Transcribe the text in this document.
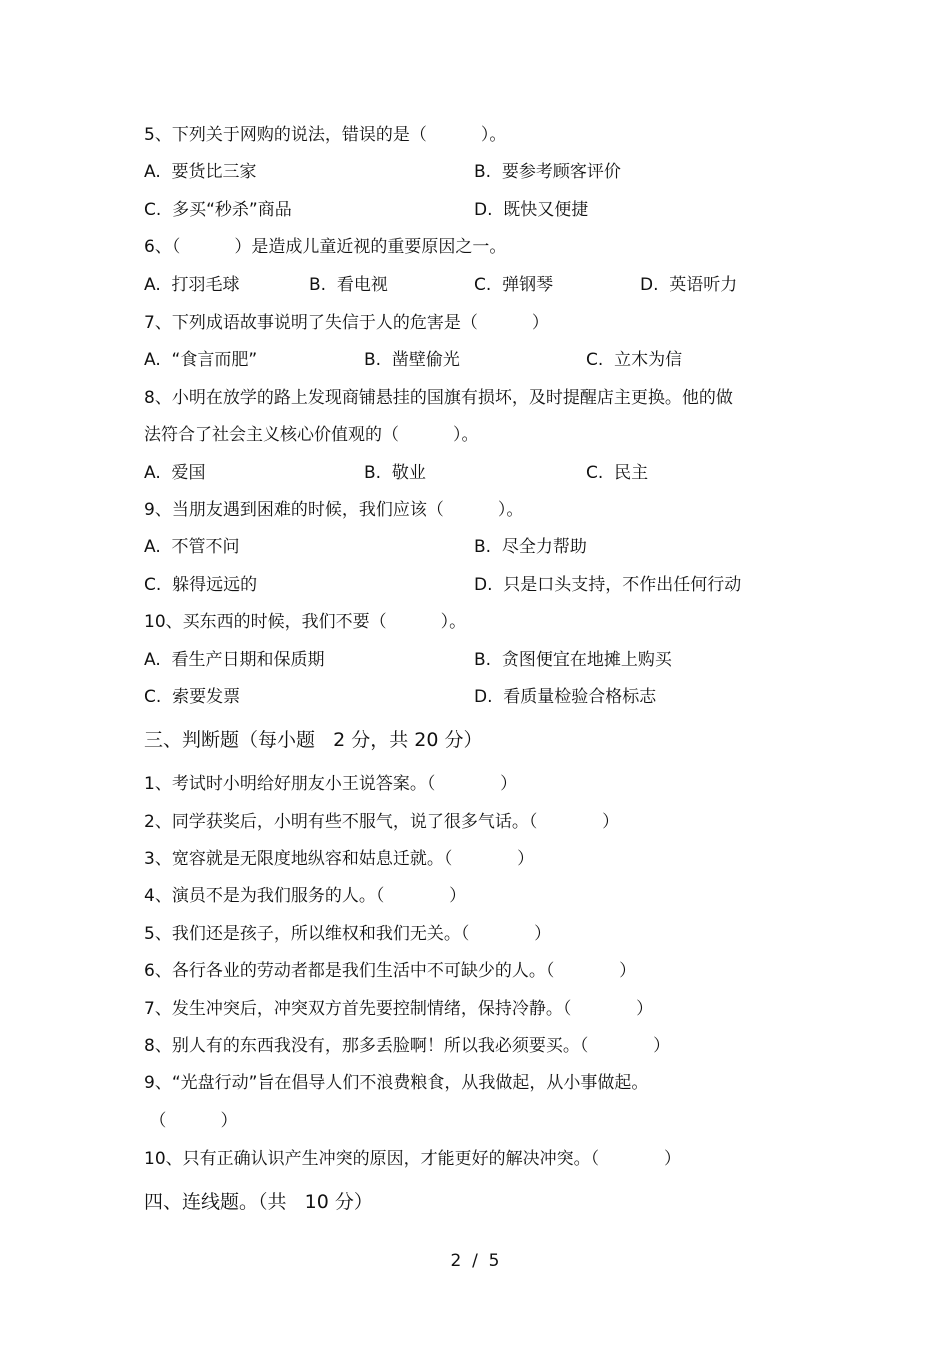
5、下列关于网购的说法，错误的是（          ）。
A.  要货比三家	B.  要参考顾客评价
C.  多买“秒杀”商品	D.  既快又便捷
6、（          ）是造成儿童近视的重要原因之一。
A.  打羽毛球	B.  看电视	C.  弹钢琴	D.  英语听力
7、下列成语故事说明了失信于人的危害是（          ）
A.  “食言而肥”	B.  凿壁偷光	C.  立木为信
8、小明在放学的路上发现商铺悬挂的国旗有损坏，及时提醒店主更换。他的做
法符合了社会主义核心价值观的（          ）。
A.  爱国	B.  敬业	C.  民主
9、当朋友遇到困难的时候，我们应该（          ）。
A.  不管不问	B.  尽全力帮助
C.  躲得远远的	D.  只是口头支持，不作出任何行动
10、买东西的时候，我们不要（          ）。
A.  看生产日期和保质期	B.  贪图便宜在地摊上购买
C.  索要发票	D.  看质量检验合格标志
三、判断题（每小题   2 分，共 20 分）
1、考试时小明给好朋友小王说答案。（            ）
2、同学获奖后，小明有些不服气，说了很多气话。（            ）
3、宽容就是无限度地纵容和姑息迁就。（            ）
4、演员不是为我们服务的人。（            ）
5、我们还是孩子，所以维权和我们无关。（            ）
6、各行各业的劳动者都是我们生活中不可缺少的人。（            ）
7、发生冲突后，冲突双方首先要控制情绪，保持冷静。（            ）
8、别人有的东西我没有，那多丢脸啊！所以我必须要买。（            ）
9、“光盘行动”旨在倡导人们不浪费粮食，从我做起，从小事做起。
（          ）
10、只有正确认识产生冲突的原因，才能更好的解决冲突。（            ）
四、连线题。（共   10 分）
2  /  5
